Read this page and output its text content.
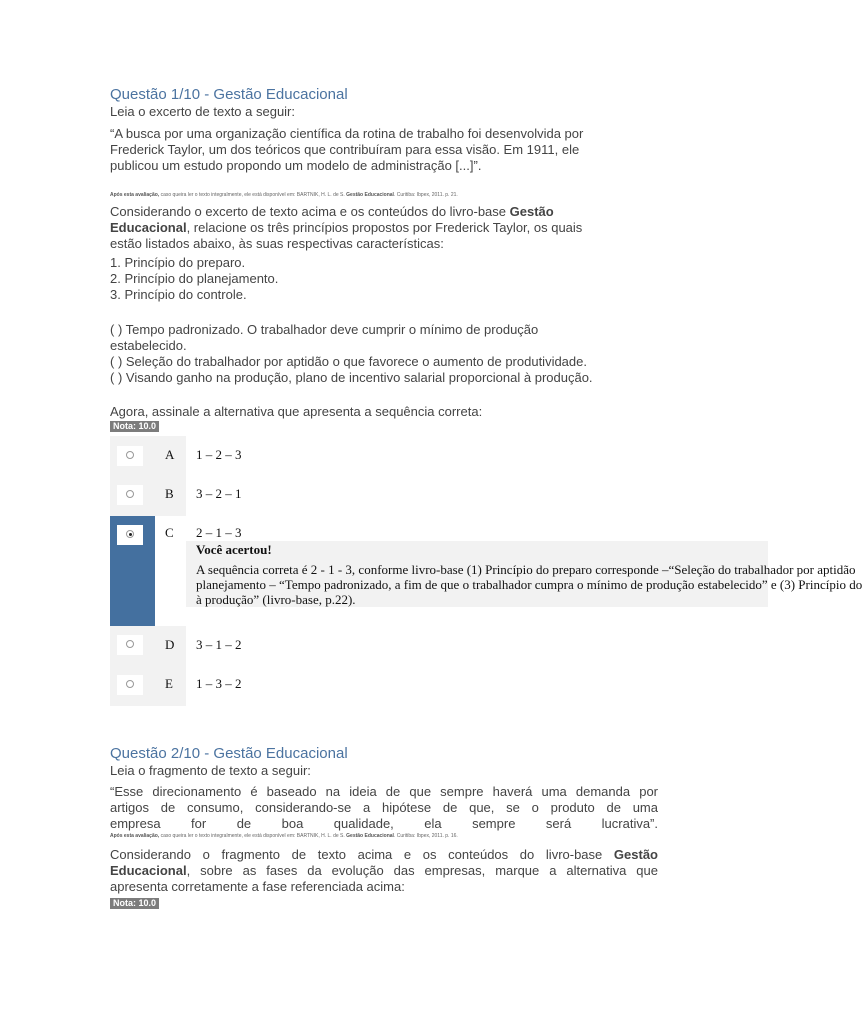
Questão 1/10 - Gestão Educacional
Leia o excerto de texto a seguir:
“A busca por uma organização científica da rotina de trabalho foi desenvolvida por
Frederick Taylor, um dos teóricos que contribuíram para essa visão. Em 1911, ele
publicou um estudo propondo um modelo de administração [...]”.
Após esta avaliação, caso queira ler o texto integralmente, ele está disponível em: BARTNIK, H. L. de S. Gestão Educacional. Curitiba: Ibpex, 2011. p. 21.
Considerando o excerto de texto acima e os conteúdos do livro-base Gestão
Educacional, relacione os três princípios propostos por Frederick Taylor, os quais
estão listados abaixo, às suas respectivas características:
1. Princípio do preparo.
2. Princípio do planejamento.
3. Princípio do controle.
( ) Tempo padronizado. O trabalhador deve cumprir o mínimo de produção
estabelecido.
( ) Seleção do trabalhador por aptidão o que favorece o aumento de produtividade.
( ) Visando ganho na produção, plano de incentivo salarial proporcional à produção.
Agora, assinale a alternativa que apresenta a sequência correta:
Nota: 10.0
A 1 – 2 – 3
B 3 – 2 – 1
C 2 – 1 – 3
Você acertou!
A sequência correta é 2 - 1 - 3, conforme livro-base (1) Princípio do preparo corresponde –“Seleção do trabalhador por aptidão
planejamento – “Tempo padronizado, a fim de que o trabalhador cumpra o mínimo de produção estabelecido” e (3) Princípio do
à produção” (livro-base, p.22).
D 3 – 1 – 2
E 1 – 3 – 2
Questão 2/10 - Gestão Educacional
Leia o fragmento de texto a seguir:
“Esse direcionamento é baseado na ideia de que sempre haverá uma demanda por
artigos de consumo, considerando-se a hipótese de que, se o produto de uma
empresa for de boa qualidade, ela sempre será lucrativa”.
Após esta avaliação, caso queira ler o texto integralmente, ele está disponível em: BARTNIK, H. L. de S. Gestão Educacional. Curitiba: Ibpex, 2011. p. 16.
Considerando o fragmento de texto acima e os conteúdos do livro-base Gestão
Educacional, sobre as fases da evolução das empresas, marque a alternativa que
apresenta corretamente a fase referenciada acima:
Nota: 10.0
